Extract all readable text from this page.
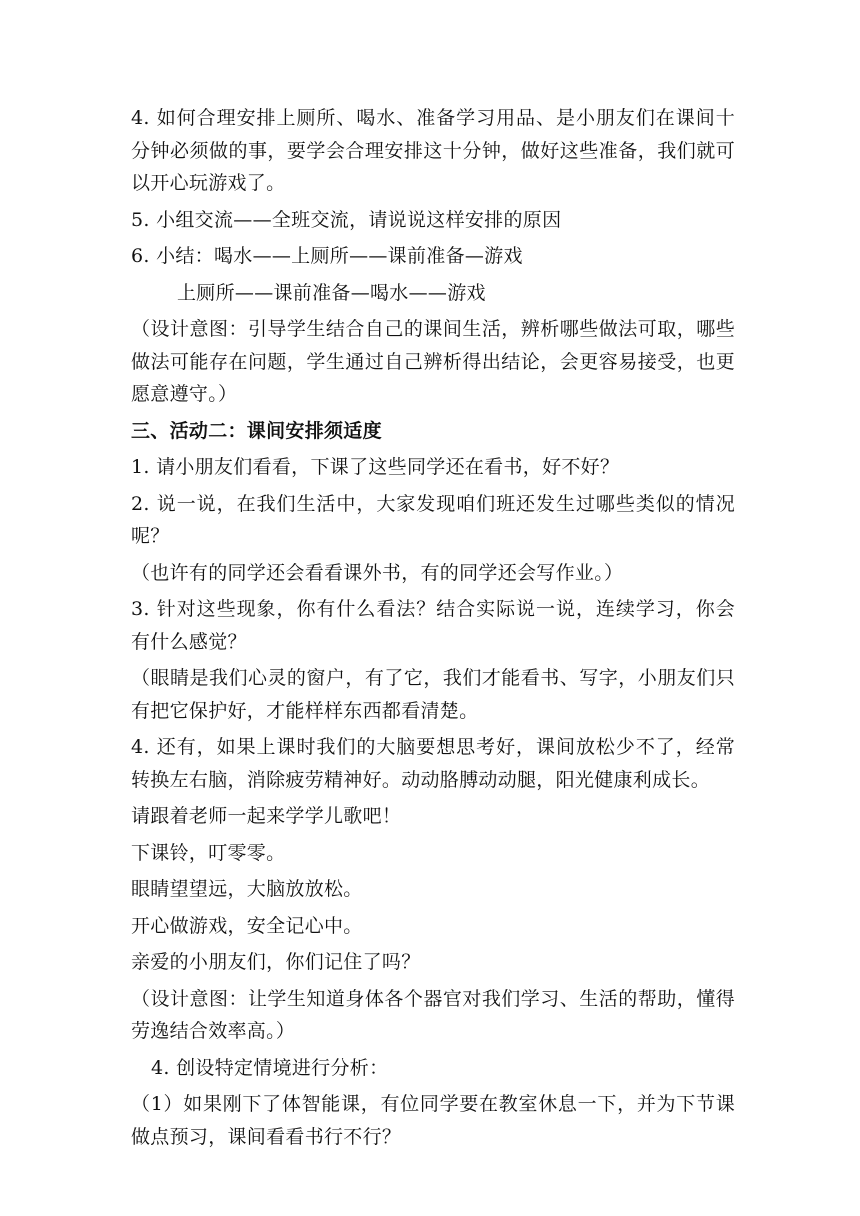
4. 如何合理安排上厕所、喝水、准备学习用品、是小朋友们在课间十分钟必须做的事，要学会合理安排这十分钟，做好这些准备，我们就可以开心玩游戏了。

5. 小组交流——全班交流，请说说这样安排的原因

6. 小结：喝水——上厕所——课前准备—游戏

上厕所——课前准备—喝水——游戏

（设计意图：引导学生结合自己的课间生活，辨析哪些做法可取，哪些做法可能存在问题，学生通过自己辨析得出结论，会更容易接受，也更愿意遵守。）

三、活动二：课间安排须适度

1. 请小朋友们看看，下课了这些同学还在看书，好不好？

2. 说一说，在我们生活中，大家发现咱们班还发生过哪些类似的情况呢？

（也许有的同学还会看看课外书，有的同学还会写作业。）

3. 针对这些现象，你有什么看法？结合实际说一说，连续学习，你会有什么感觉？

（眼睛是我们心灵的窗户，有了它，我们才能看书、写字，小朋友们只有把它保护好，才能样样东西都看清楚。

4. 还有，如果上课时我们的大脑要想思考好，课间放松少不了，经常转换左右脑，消除疲劳精神好。动动胳膊动动腿，阳光健康利成长。

请跟着老师一起来学学儿歌吧！

下课铃，叮零零。

眼睛望望远，大脑放放松。

开心做游戏，安全记心中。

亲爱的小朋友们，你们记住了吗？

（设计意图：让学生知道身体各个器官对我们学习、生活的帮助，懂得劳逸结合效率高。）

4. 创设特定情境进行分析：

（1）如果刚下了体智能课，有位同学要在教室休息一下，并为下节课做点预习，课间看看书行不行？
